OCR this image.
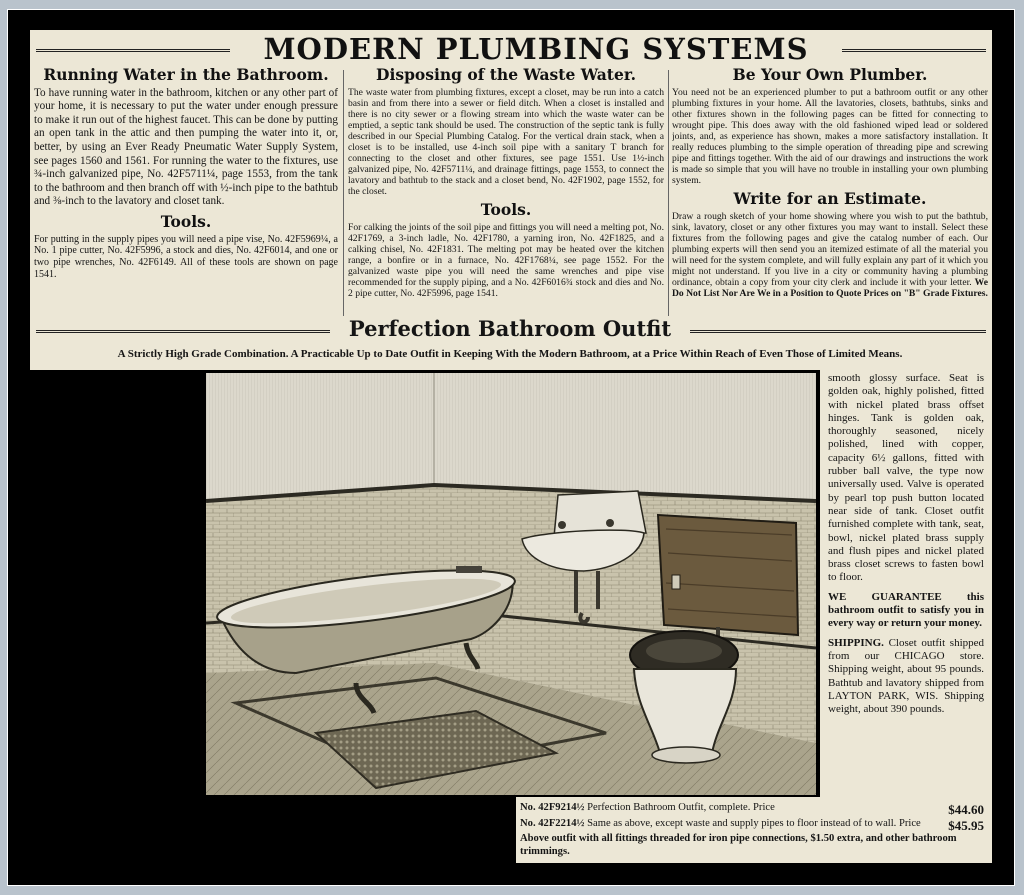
MODERN PLUMBING SYSTEMS
Running Water in the Bathroom.

To have running water in the bathroom, kitchen or any other part of your home, it is necessary to put the water under enough pressure to make it run out of the highest faucet. This can be done by putting an open tank in the attic and then pumping the water into it, or, better, by using an Ever Ready Pneumatic Water Supply System, see pages 1560 and 1561. For running the water to the fixtures, use ¾-inch galvanized pipe, No. 42F5711¼, page 1553, from the tank to the bathroom and then branch off with ½-inch pipe to the bathtub and ⅜-inch to the lavatory and closet tank.

Tools.

For putting in the supply pipes you will need a pipe vise, No. 42F5969¼, a No. 1 pipe cutter, No. 42F5996, a stock and dies, No. 42F6014, and one or two pipe wrenches, No. 42F6149. All of these tools are shown on page 1541.

Disposing of the Waste Water.

The waste water from plumbing fixtures, except a closet, may be run into a catch basin and from there into a sewer or field ditch. When a closet is installed and there is no city sewer or a flowing stream into which the waste water can be emptied, a septic tank should be used. The construction of the septic tank is fully described in our Special Plumbing Catalog. For the vertical drain stack, when a closet is to be installed, use 4-inch soil pipe with a sanitary T branch for connecting to the closet and other fixtures, see page 1551. Use 1½-inch galvanized pipe, No. 42F5711¼, and drainage fittings, page 1553, to connect the lavatory and bathtub to the stack and a closet bend, No. 42F1902, page 1552, for the closet.

Tools.

For calking the joints of the soil pipe and fittings you will need a melting pot, No. 42F1769, a 3-inch ladle, No. 42F1780, a yarning iron, No. 42F1825, and a calking chisel, No. 42F1831. The melting pot may be heated over the kitchen range, a bonfire or in a furnace, No. 42F1768¼, see page 1552. For the galvanized waste pipe you will need the same wrenches and pipe vise recommended for the supply piping, and a No. 42F6016¾ stock and dies and No. 2 pipe cutter, No. 42F5996, page 1541.

Be Your Own Plumber.

You need not be an experienced plumber to put a bathroom outfit or any other plumbing fixtures in your home. All the lavatories, closets, bathtubs, sinks and other fixtures shown in the following pages can be fitted for connecting to wrought pipe. This does away with the old fashioned wiped lead or soldered joints, and, as experience has shown, makes a more satisfactory installation. It really reduces plumbing to the simple operation of threading pipe and screwing pipe and fittings together. With the aid of our drawings and instructions the work is made so simple that you will have no trouble in installing your own plumbing system.

Write for an Estimate.

Draw a rough sketch of your home showing where you wish to put the bathtub, sink, lavatory, closet or any other fixtures you may want to install. Select these fixtures from the following pages and give the catalog number of each. Our plumbing experts will then send you an itemized estimate of all the material you will need for the system complete, and will fully explain any part of it which you might not understand. If you live in a city or community having a plumbing ordinance, obtain a copy from your city clerk and include it with your letter. We Do Not List Nor Are We in a Position to Quote Prices on "B" Grade Fixtures.

Perfection Bathroom Outfit
A Strictly High Grade Combination. A Practicable Up to Date Outfit in Keeping With the Modern Bathroom, at a Price Within Reach of Even Those of Limited Means.

smooth glossy surface. Seat is golden oak, highly polished, fitted with nickel plated brass offset hinges. Tank is golden oak, thoroughly seasoned, nicely polished, lined with copper, capacity 6½ gallons, fitted with rubber ball valve, the type now universally used. Valve is operated by pearl top push button located near side of tank. Closet outfit furnished complete with tank, seat, bowl, nickel plated brass supply and flush pipes and nickel plated brass closet screws to fasten bowl to floor.

WE GUARANTEE this bathroom outfit to satisfy you in every way or return your money.

SHIPPING. Closet outfit shipped from our CHICAGO store. Shipping weight, about 95 pounds. Bathtub and lavatory shipped from LAYTON PARK, WIS. Shipping weight, about 390 pounds.

No. 42F9214½ Perfection Bathroom Outfit, complete. Price	$44.60
No. 42F2214½ Same as above, except waste and supply pipes to floor instead of to wall. Price $45.95
Above outfit with all fittings threaded for iron pipe connections, $1.50 extra, and other bathroom trimmings.
